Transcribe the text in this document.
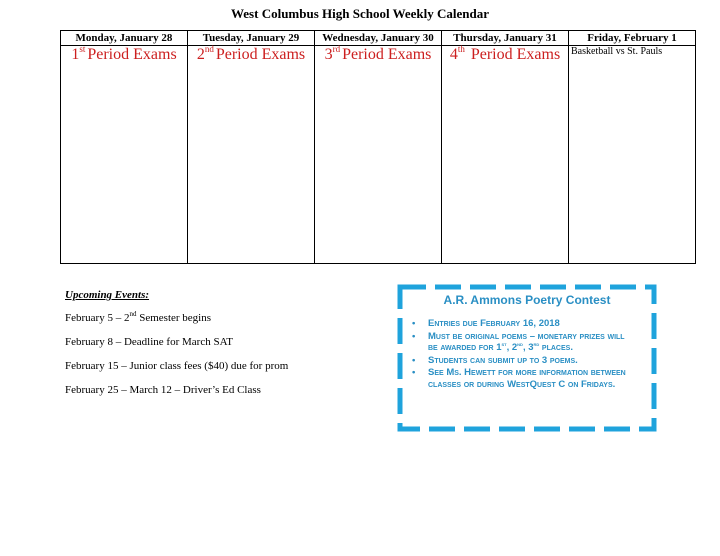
West Columbus High School Weekly Calendar
Monday, January 28	Tuesday, January 29	Wednesday, January 30	Thursday, January 31	Friday, February 1

1st Period Exams	2nd Period Exams	3rd Period Exams	4th Period Exams	Basketball vs St. Pauls
Upcoming Events:
February 5 – 2nd Semester begins
February 8 – Deadline for March SAT
February 15 – Junior class fees ($40) due for prom
February 25 – March 12 – Driver’s Ed Class
A.R. Ammons Poetry Contest
• Entries due February 16, 2018
• Must be original poems – monetary prizes will be awarded for 1st, 2nd, 3rd places.
• Students can submit up to 3 poems.
• See Ms. Hewett for more information between classes or during WestQuest C on Fridays.
